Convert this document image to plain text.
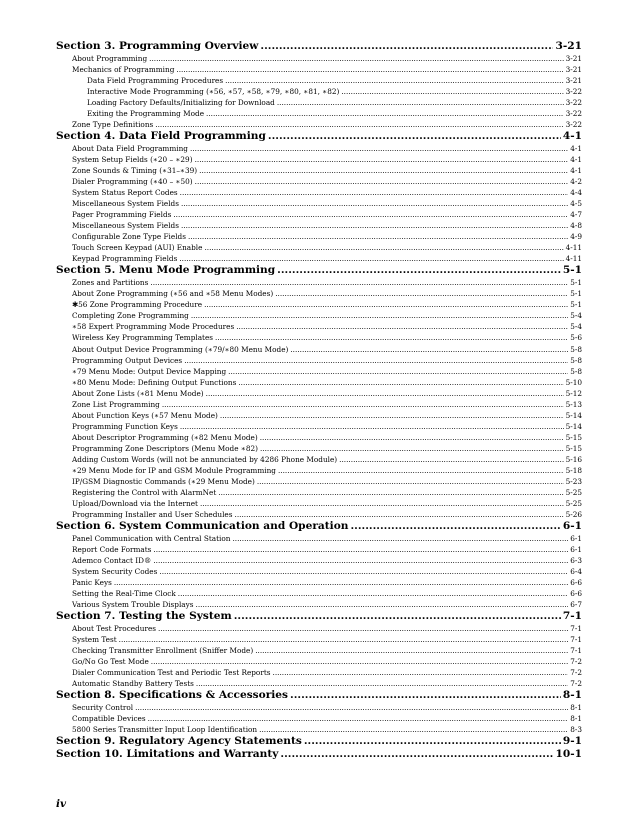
Section 3. Programming Overview .....	3-21
About Programming .....	3-21
Mechanics of Programming .....	3-21
Data Field Programming Procedures .....	3-21
Interactive Mode Programming (∗56, ∗57, ∗58, ∗79, ∗80, ∗81, ∗82) .....	3-22
Loading Factory Defaults/Initializing for Download .....	3-22
Exiting the Programming Mode .....	3-22
Zone Type Definitions .....	3-22
Section 4. Data Field Programming .....	4-1
About Data Field Programming .....	4-1
System Setup Fields (∗20 – ∗29) .....	4-1
Zone Sounds & Timing (∗31–∗39) .....	4-1
Dialer Programming (∗40 – ∗50) .....	4-2
System Status Report Codes .....	4-4
Miscellaneous System Fields .....	4-5
Pager Programming Fields .....	4-7
Miscellaneous System Fields .....	4-8
Configurable Zone Type Fields .....	4-9
Touch Screen Keypad (AUI) Enable .....	4-11
Keypad Programming Fields .....	4-11
Section 5. Menu Mode Programming .....	5-1
Zones and Partitions .....	5-1
About Zone Programming (∗56 and ∗58 Menu Modes) .....	5-1
✱56 Zone Programming Procedure .....	5-1
Completing Zone Programming .....	5-4
∗58 Expert Programming Mode Procedures .....	5-4
Wireless Key Programming Templates .....	5-6
About Output Device Programming (∗79/∗80 Menu Mode) .....	5-8
Programming Output Devices .....	5-8
∗79 Menu Mode: Output Device Mapping .....	5-8
∗80 Menu Mode: Defining Output Functions .....	5-10
About Zone Lists (∗81 Menu Mode) .....	5-12
Zone List Programming .....	5-13
About Function Keys (∗57 Menu Mode) .....	5-14
Programming Function Keys .....	5-14
About Descriptor Programming (∗82 Menu Mode) .....	5-15
Programming Zone Descriptors (Menu Mode ∗82) .....	5-15
Adding Custom Words (will not be annunciated by 4286 Phone Module) .....	5-16
∗29 Menu Mode for IP and GSM Module Programming .....	5-18
IP/GSM Diagnostic Commands (∗29 Menu Mode) .....	5-23
Registering the Control with AlarmNet .....	5-25
Upload/Download via the Internet .....	5-25
Programming Installer and User Schedules .....	5-26
Section 6. System Communication and Operation .....	6-1
Panel Communication with Central Station .....	6-1
Report Code Formats .....	6-1
Ademco Contact ID® .....	6-3
System Security Codes .....	6-4
Panic Keys .....	6-6
Setting the Real-Time Clock .....	6-6
Various System Trouble Displays .....	6-7
Section 7. Testing the System .....	7-1
About Test Procedures .....	7-1
System Test .....	7-1
Checking Transmitter Enrollment (Sniffer Mode) .....	7-1
Go/No Go Test Mode .....	7-2
Dialer Communication Test and Periodic Test Reports .....	7-2
Automatic Standby Battery Tests .....	7-2
Section 8. Specifications & Accessories .....	8-1
Security Control .....	8-1
Compatible Devices .....	8-1
5800 Series Transmitter Input Loop Identification .....	8-3
Section 9. Regulatory Agency Statements .....	9-1
Section 10. Limitations and Warranty .....	10-1
iv
